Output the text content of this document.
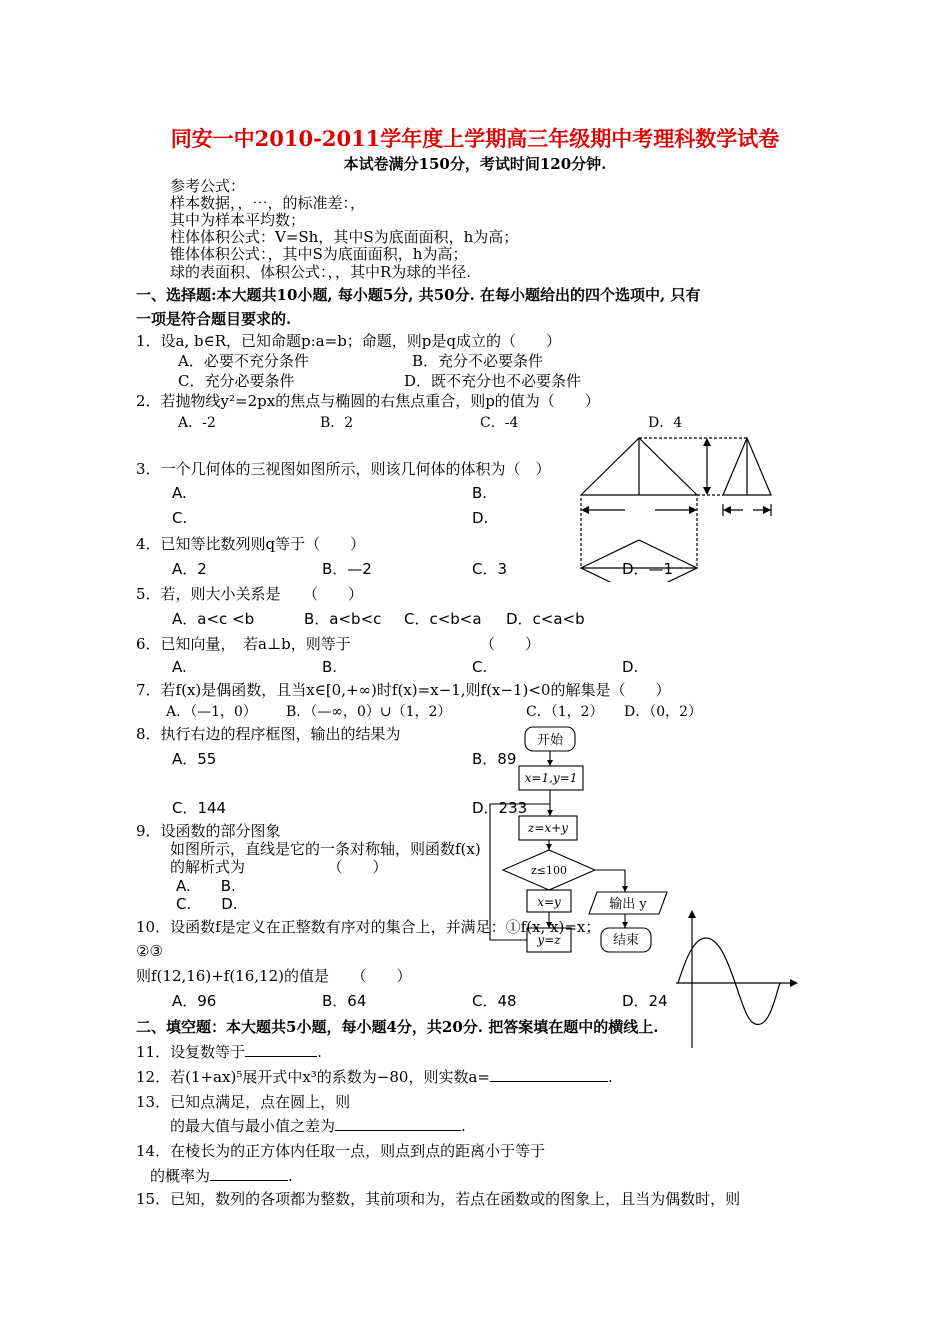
同安一中2010-2011学年度上学期高三年级期中考理科数学试卷
本试卷满分150分，考试时间120分钟.
参考公式：
样本数据，，⋯，的标准差：，
其中为样本平均数；
柱体体积公式：V=Sh，其中S为底面面积，h为高；
锥体体积公式：，其中S为底面面积，h为高；
球的表面积、体积公式：，，其中R为球的半径.
一、选择题:本大题共10小题, 每小题5分, 共50分. 在每小题给出的四个选项中, 只有
一项是符合题目要求的.
1．设a, b∈R，已知命题p:a=b；命题，则p是q成立的（　　）
A．必要不充分条件	B．充分不必要条件
C．充分必要条件	D．既不充分也不必要条件
2．若抛物线y²=2px的焦点与椭圆的右焦点重合，则p的值为（　　）
A．-2	B．2	C．-4	D．4
3．一个几何体的三视图如图所示，则该几何体的体积为（　）
A.	B.
C.	D.
4．已知等比数列则q等于（　　）
A．2	B．—2	C．3	D．—1
5．若，则大小关系是　　（　　）
A．a<c <b	B．a<b<c C．c<b<a D．c<a<b
6．已知向量，　若a⊥b，则等于	（　　）
A.	B.	C.	D.
7．若f(x)是偶函数，且当x∈[0,+∞)时f(x)=x−1,则f(x−1)<0的解集是（　　）
A．（—1，0） B．（—∞，0）∪（1，2）	C．（1，2） D．（0，2）
8．执行右边的程序框图，输出的结果为
A．55	B．89
C．144	D．233
开始
x=1,y=1
z=x+y
z≤100
x=y
y=z
输出 y
结束
9．设函数的部分图象
如图所示，直线是它的一条对称轴，则函数f(x)
的解析式为　　　　　　（　　）
A.　　B.
C.　　D.
10．设函数f是定义在正整数有序对的集合上，并满足：①f(x, x)=x；
②③
则f(12,16)+f(16,12)的值是　　（　　）
A．96	B．64	C．48	D．24
二、填空题：本大题共5小题，每小题4分，共20分. 把答案填在题中的横线上.
11．设复数等于	.
12．若(1+ax)⁵展开式中x³的系数为−80，则实数a=	.
13．已知点满足，点在圆上，则
的最大值与最小值之差为	.
14．在棱长为的正方体内任取一点，则点到点的距离小于等于
的概率为	.
15．已知，数列的各项都为整数，其前项和为，若点在函数或的图象上，且当为偶数时，则
